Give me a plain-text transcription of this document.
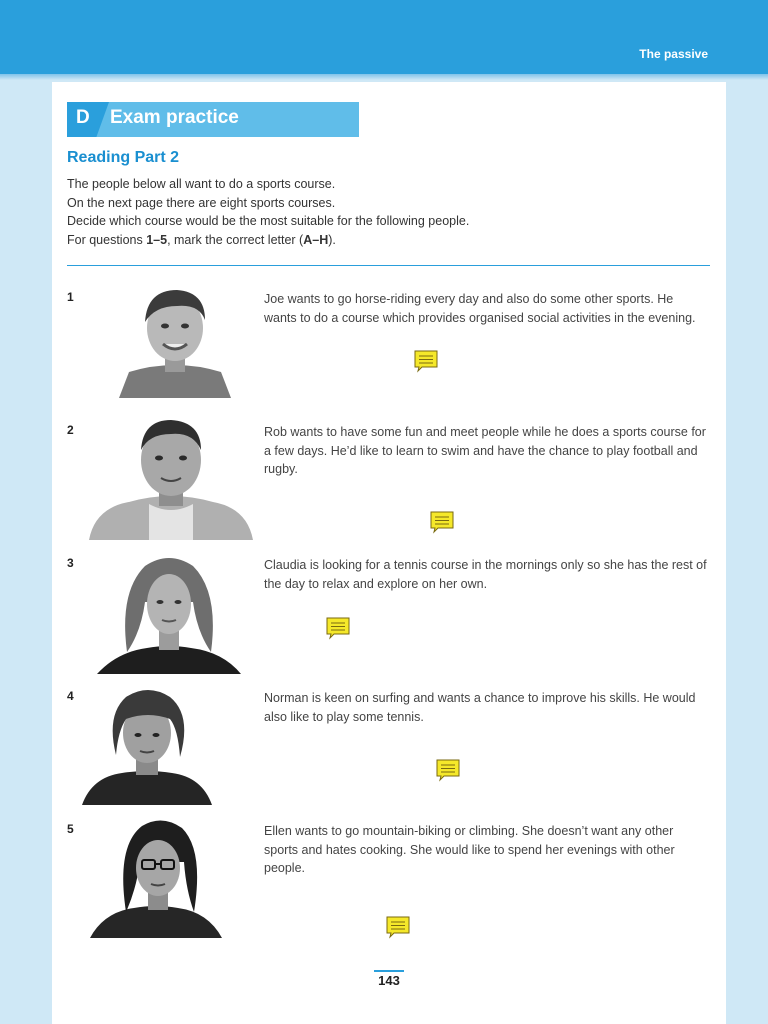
The passive
D Exam practice
Reading Part 2

The people below all want to do a sports course.

On the next page there are eight sports courses.

Decide which course would be the most suitable for the following people.

For questions 1–5, mark the correct letter (A–H).

1	Joe wants to go horse-riding every day and also do some other sports. He wants to do a course which provides organised social activities in the evening.
2	Rob wants to have some fun and meet people while he does a sports course for a few days. He’d like to learn to swim and have the chance to play football and rugby.
3	Claudia is looking for a tennis course in the mornings only so she has the rest of the day to relax and explore on her own.
4	Norman is keen on surfing and wants a chance to improve his skills. He would also like to play some tennis.
5	Ellen wants to go mountain-biking or climbing. She doesn’t want any other sports and hates cooking. She would like to spend her evenings with other people.
143
